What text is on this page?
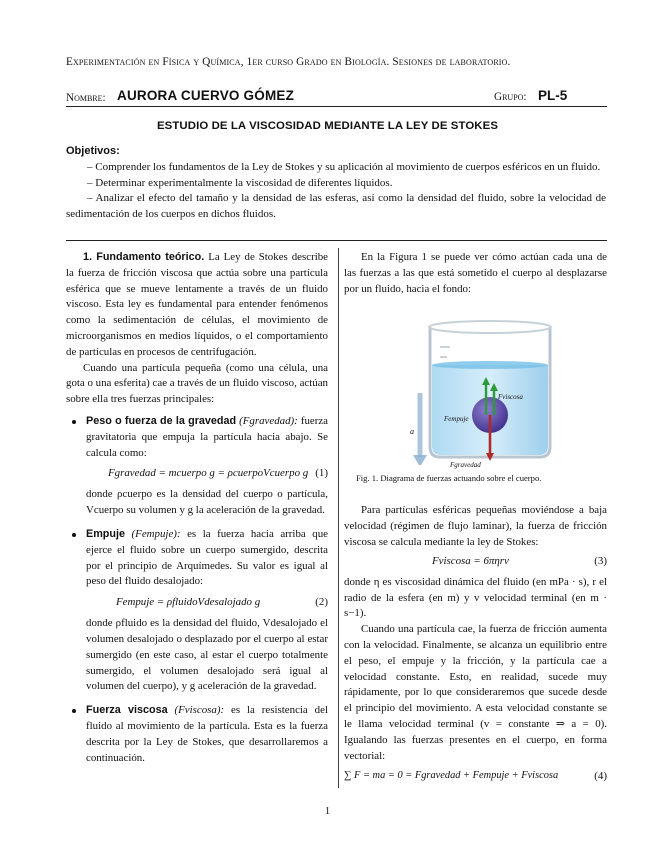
Experimentación en Física y Química, 1er curso Grado en Biología. Sesiones de laboratorio.
Nombre: AURORA CUERVO GÓMEZ	Grupo: PL-5
ESTUDIO DE LA VISCOSIDAD MEDIANTE LA LEY DE STOKES
Objetivos:
– Comprender los fundamentos de la Ley de Stokes y su aplicación al movimiento de cuerpos esféricos en un fluido.
– Determinar experimentalmente la viscosidad de diferentes líquidos.
– Analizar el efecto del tamaño y la densidad de las esferas, así como la densidad del fluido, sobre la velocidad de sedimentación de los cuerpos en dichos fluidos.
1. Fundamento teórico. La Ley de Stokes describe la fuerza de fricción viscosa que actúa sobre una partícula esférica que se mueve lentamente a través de un fluido viscoso. Esta ley es fundamental para entender fenómenos como la sedimentación de células, el movimiento de microorganismos en medios líquidos, o el comportamiento de partículas en procesos de centrifugación.
Cuando una partícula pequeña (como una célula, una gota o una esferita) cae a través de un fluido viscoso, actúan sobre ella tres fuerzas principales:
Peso o fuerza de la gravedad (Fgravedad): fuerza gravitatoria que empuja la partícula hacia abajo. Se calcula como:
Fgravedad = mcuerpo g = ρcuerpoVcuerpo g (1)
donde ρcuerpo es la densidad del cuerpo o partícula, Vcuerpo su volumen y g la aceleración de la gravedad.
Empuje (Fempuje): es la fuerza hacia arriba que ejerce el fluido sobre un cuerpo sumergido, descrita por el principio de Arquímedes. Su valor es igual al peso del fluido desalojado:
Fempuje = ρfluidoVdesalojado g	(2)
donde ρfluido es la densidad del fluido, Vdesalojado el volumen desalojado o desplazado por el cuerpo al estar sumergido (en este caso, al estar el cuerpo totalmente sumergido, el volumen desalojado será igual al volumen del cuerpo), y g aceleración de la gravedad.
Fuerza viscosa (Fviscosa): es la resistencia del fluido al movimiento de la partícula. Esta es la fuerza descrita por la Ley de Stokes, que desarrollaremos a continuación.
En la Figura 1 se puede ver cómo actúan cada una de las fuerzas a las que está sometido el cuerpo al desplazarse por un fluido, hacia el fondo:
Fviscosa
Fempuje
Fgravedad
a
Fig. 1. Diagrama de fuerzas actuando sobre el cuerpo.
Para partículas esféricas pequeñas moviéndose a baja velocidad (régimen de flujo laminar), la fuerza de fricción viscosa se calcula mediante la ley de Stokes:
Fviscosa = 6πηrv	(3)
donde η es viscosidad dinámica del fluido (en mPa · s), r el radio de la esfera (en m) y v velocidad terminal (en m · s−1).
Cuando una partícula cae, la fuerza de fricción aumenta con la velocidad. Finalmente, se alcanza un equilibrio entre el peso, el empuje y la fricción, y la partícula cae a velocidad constante. Esto, en realidad, sucede muy rápidamente, por lo que consideraremos que sucede desde el principio del movimiento. A esta velocidad constante se le llama velocidad terminal (v = constante ⇒ a = 0). Igualando las fuerzas presentes en el cuerpo, en forma vectorial:
∑ F = ma = 0 = Fgravedad + Fempuje + Fviscosa	(4)
1
